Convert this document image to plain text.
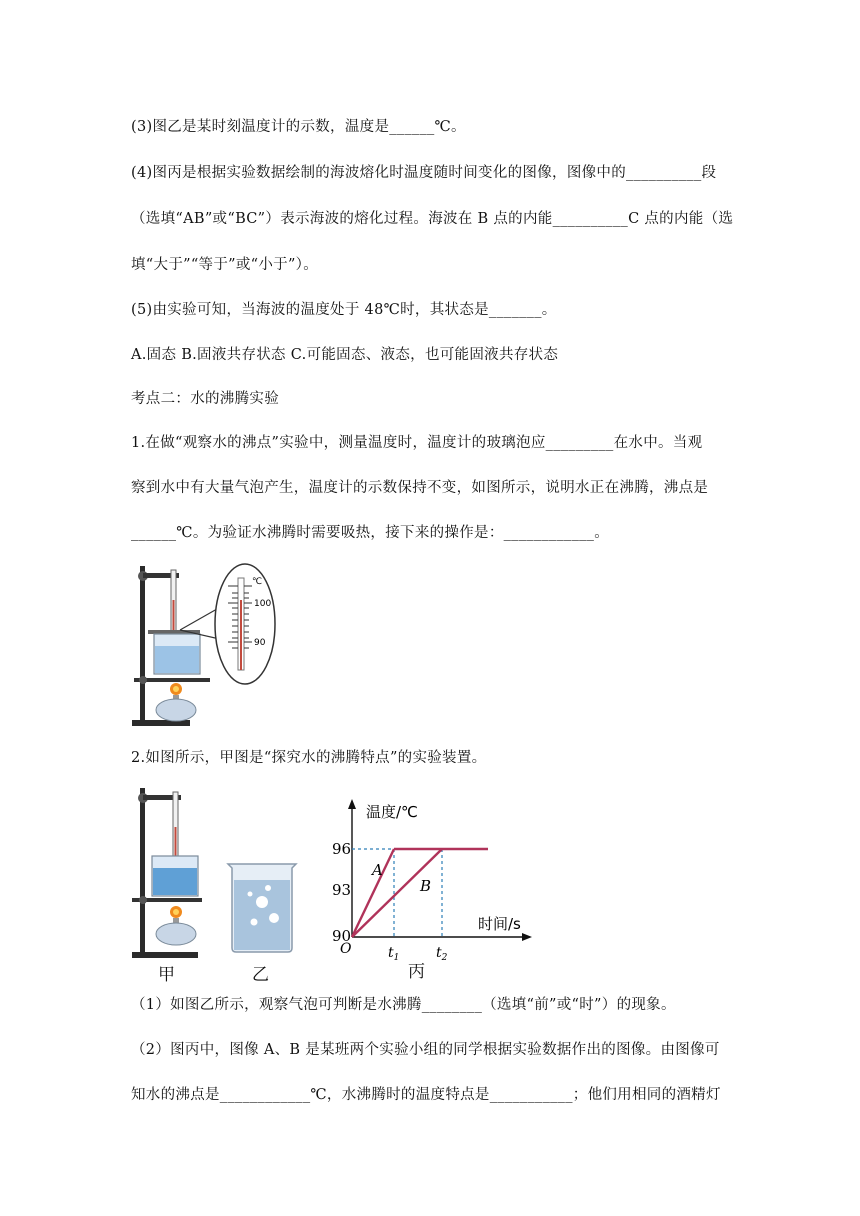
(3)图乙是某时刻温度计的示数，温度是______℃。
(4)图丙是根据实验数据绘制的海波熔化时温度随时间变化的图像，图像中的__________段
（选填“AB”或“BC”）表示海波的熔化过程。海波在 B 点的内能__________C 点的内能（选
填“大于”“等于”或“小于”）。
(5)由实验可知，当海波的温度处于 48℃时，其状态是_______。
A.固态 B.固液共存状态 C.可能固态、液态，也可能固液共存状态
考点二：水的沸腾实验
1.在做“观察水的沸点”实验中，测量温度时，温度计的玻璃泡应_________在水中。当观
察到水中有大量气泡产生，温度计的示数保持不变，如图所示，说明水正在沸腾，沸点是
______℃。为验证水沸腾时需要吸热，接下来的操作是：____________。
℃
100
90
2.如图所示，甲图是“探究水的沸腾特点”的实验装置。
甲	乙
温度/℃
时间/s
O
96
93
90
A
B
$t_1$	$t_2$
丙
（1）如图乙所示，观察气泡可判断是水沸腾________（选填“前”或“时”）的现象。
（2）图丙中，图像 A、B 是某班两个实验小组的同学根据实验数据作出的图像。由图像可
知水的沸点是____________℃，水沸腾时的温度特点是___________；他们用相同的酒精灯
